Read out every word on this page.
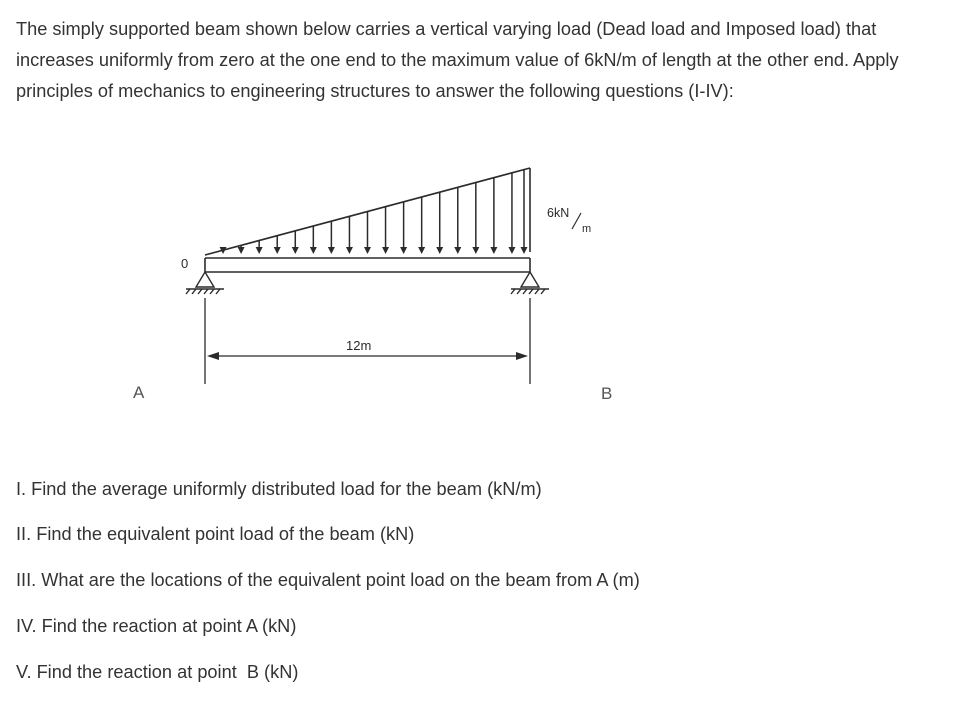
The simply supported beam shown below carries a vertical varying load (Dead load and Imposed load) that increases uniformly from zero at the one end to the maximum value of 6kN/m of length at the other end. Apply principles of mechanics to engineering structures to answer the following questions (I-IV):

0
6kN
m
12m
A	B

I. Find the average uniformly distributed load for the beam (kN/m)

II. Find the equivalent point load of the beam (kN)

III. What are the locations of the equivalent point load on the beam from A (m)

IV. Find the reaction at point A (kN)

V. Find the reaction at point  B (kN)
